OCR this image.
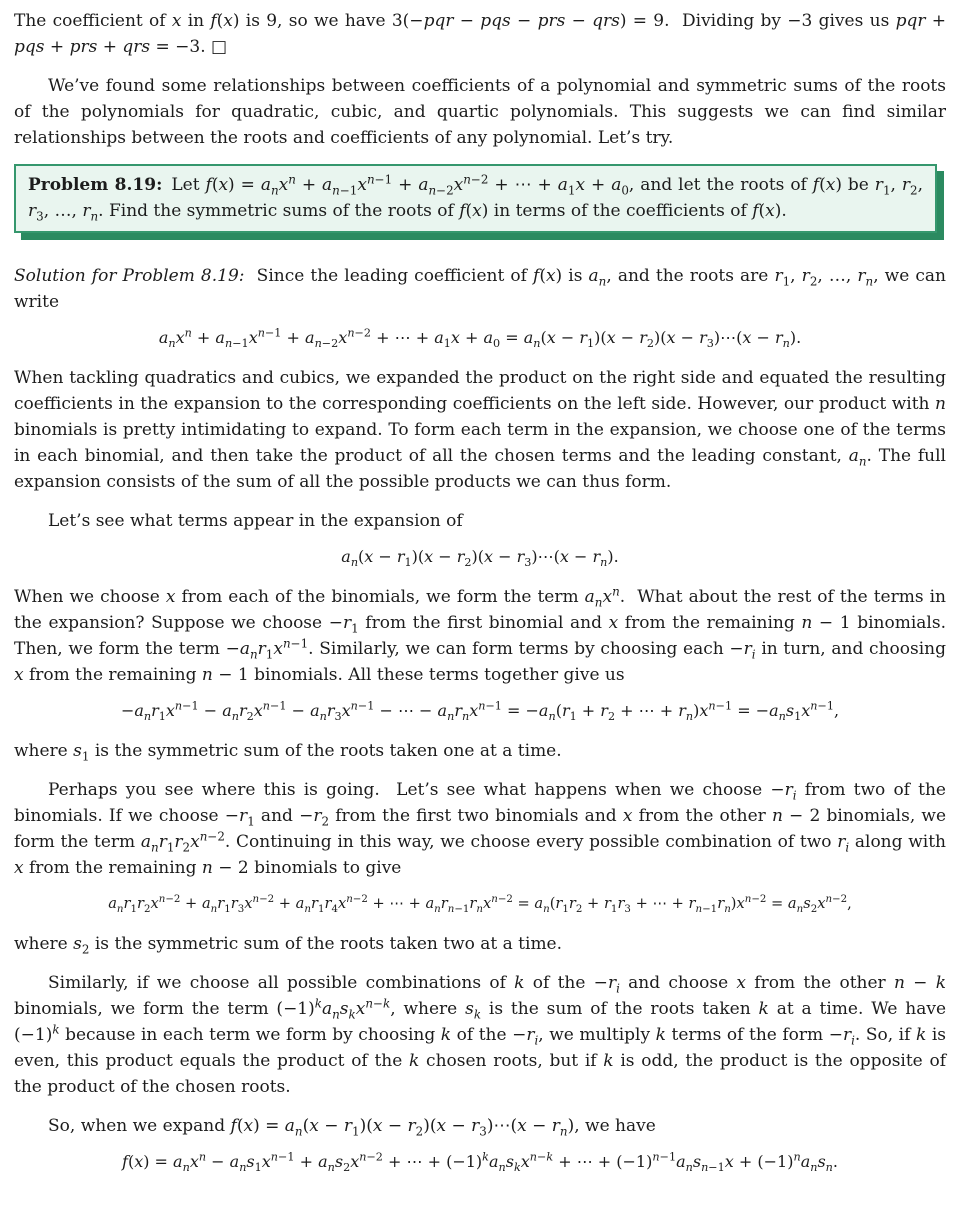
The coefficient of x in f(x) is 9, so we have 3(−pqr − pqs − prs − qrs) = 9.  Dividing by −3 gives us pqr + pqs + prs + qrs = −3. □

We’ve found some relationships between coefficients of a polynomial and symmetric sums of the roots of the polynomials for quadratic, cubic, and quartic polynomials. This suggests we can find similar relationships between the roots and coefficients of any polynomial. Let’s try.

Problem 8.19: Let $f(x) = a_nx^n + a_{n-1}x^{n-1} + a_{n-2}x^{n-2}$ + ⋯ + $a_1x + a_0$, and let the roots of f(x) be $r_1$, $r_2$, $r_3$, …, $r_n$. Find the symmetric sums of the roots of f(x) in terms of the coefficients of f(x).

Solution for Problem 8.19:  Since the leading coefficient of f(x) is $a_n$, and the roots are $r_1$, $r_2$, …, $r_n$, we can write

$a_nx^n + a_{n-1}x^{n-1} + a_{n-2}x^{n-2}$ + ⋯ + $a_1x + a_0 = a_n(x - r_1)(x - r_2)(x$ − $r_3)\cdots(x - r_n)$.

When tackling quadratics and cubics, we expanded the product on the right side and equated the resulting coefficients in the expansion to the corresponding coefficients on the left side. However, our product with n binomials is pretty intimidating to expand. To form each term in the expansion, we choose one of the terms in each binomial, and then take the product of all the chosen terms and the leading constant, $a_n$. The full expansion consists of the sum of all the possible products we can thus form.

Let’s see what terms appear in the expansion of

$a_n(x - r_1)(x - r_2)(x$ − $r_3)\cdots(x - r_n)$.

When we choose x from each of the binomials, we form the term $a_nx^n$.  What about the rest of the terms in the expansion? Suppose we choose $-r_1$ from the first binomial and x from the remaining n − 1 binomials. Then, we form the term $-a_nr_1x^{n-1}$. Similarly, we can form terms by choosing each $-r_i$ in turn, and choosing x from the remaining n − 1 binomials. All these terms together give us

$-a_nr_1x^{n-1} - a_nr_2x^{n-1} - a_nr_3x^{n-1}$ − ⋯ − $a_nr_nx^{n-1} = -a_n(r_1 + r_2$ + ⋯ + $r_n)x^{n-1} = -a_ns_1x^{n-1}$,

where $s_1$ is the symmetric sum of the roots taken one at a time.

Perhaps you see where this is going.  Let’s see what happens when we choose $-r_i$ from two of the binomials. If we choose $-r_1$ and $-r_2$ from the first two binomials and x from the other n − 2 binomials, we form the term $a_nr_1r_2x^{n-2}$. Continuing in this way, we choose every possible combination of two $r_i$ along with x from the remaining n − 2 binomials to give

$a_nr_1r_2x^{n-2} + a_nr_1r_3x^{n-2} + a_nr_1r_4x^{n-2}$ + ⋯ + $a_nr_{n-1}r_nx^{n-2} = a_n(r_1r_2 + r_1r_3$ + ⋯ + $r_{n-1}r_n)x^{n-2} = a_ns_2x^{n-2}$,

where $s_2$ is the symmetric sum of the roots taken two at a time.

Similarly, if we choose all possible combinations of k of the $-r_i$ and choose x from the other n − k binomials, we form the term $(-1)^ka_ns_kx^{n-k}$, where $s_k$ is the sum of the roots taken k at a time. We have $(-1)^k$ because in each term we form by choosing k of the $-r_i$, we multiply k terms of the form $-r_i$. So, if k is even, this product equals the product of the k chosen roots, but if k is odd, the product is the opposite of the product of the chosen roots.

So, when we expand $f(x) = a_n(x - r_1)(x - r_2)(x$ − $r_3)\cdots(x - r_n)$, we have

$f(x) = a_nx^n - a_ns_1x^{n-1} + a_ns_2x^{n-2}$ + ⋯ + $(-1)^ka_ns_kx^{n-k}$ + ⋯ + $(-1)^{n-1}a_ns_{n-1}x + (-1)^na_ns_n$.
